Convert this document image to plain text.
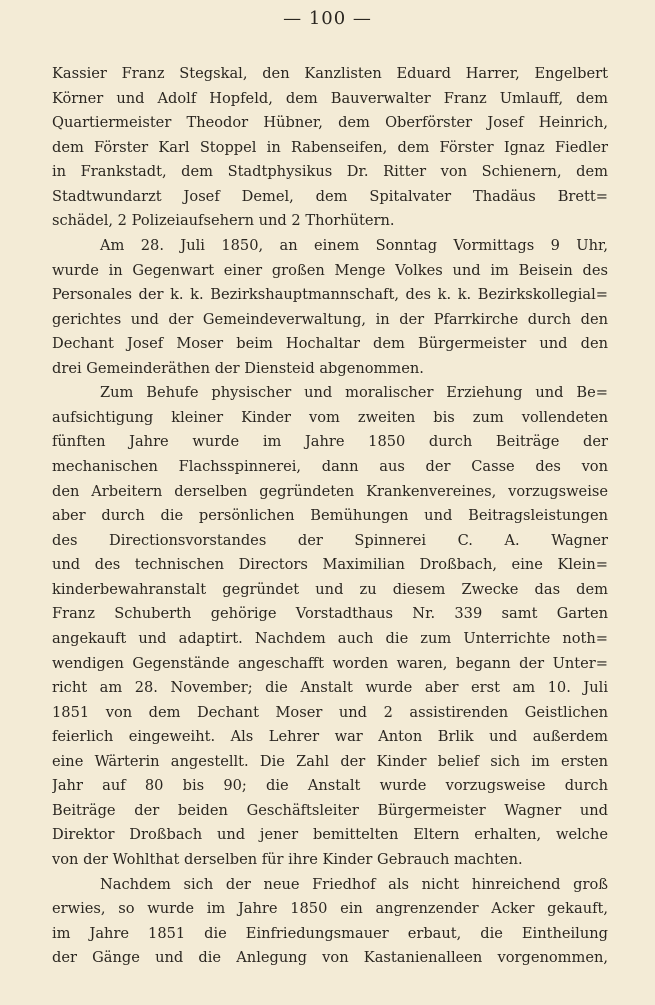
— 100 —
Kassier Franz Stegskal, den Kanzlisten Eduard Harrer, Engelbert
Körner und Adolf Hopfeld, dem Bauverwalter Franz Umlauff, dem
Quartiermeister Theodor Hübner, dem Oberförster Josef Heinrich,
dem Förster Karl Stoppel in Rabenseifen, dem Förster Ignaz Fiedler
in Frankstadt, dem Stadtphysikus Dr. Ritter von Schienern, dem
Stadtwundarzt Josef Demel, dem Spitalvater Thadäus Brett=
schädel, 2 Polizeiaufsehern und 2 Thorhütern.
Am 28. Juli 1850, an einem Sonntag Vormittags 9 Uhr,
wurde in Gegenwart einer großen Menge Volkes und im Beisein des
Personales der k. k. Bezirkshauptmannschaft, des k. k. Bezirkskollegial=
gerichtes und der Gemeindeverwaltung, in der Pfarrkirche durch den
Dechant Josef Moser beim Hochaltar dem Bürgermeister und den
drei Gemeinderäthen der Diensteid abgenommen.
Zum Behufe physischer und moralischer Erziehung und Be=
aufsichtigung kleiner Kinder vom zweiten bis zum vollendeten
fünften Jahre wurde im Jahre 1850 durch Beiträge der
mechanischen Flachsspinnerei, dann aus der Casse des von
den Arbeitern derselben gegründeten Krankenvereines, vorzugsweise
aber durch die persönlichen Bemühungen und Beitragsleistungen
des Directionsvorstandes der Spinnerei C. A. Wagner
und des technischen Directors Maximilian Droßbach, eine Klein=
kinderbewahranstalt gegründet und zu diesem Zwecke das dem
Franz Schuberth gehörige Vorstadthaus Nr. 339 samt Garten
angekauft und adaptirt. Nachdem auch die zum Unterrichte noth=
wendigen Gegenstände angeschafft worden waren, begann der Unter=
richt am 28. November; die Anstalt wurde aber erst am 10. Juli
1851 von dem Dechant Moser und 2 assistirenden Geistlichen
feierlich eingeweiht. Als Lehrer war Anton Brlik und außerdem
eine Wärterin angestellt. Die Zahl der Kinder belief sich im ersten
Jahr auf 80 bis 90; die Anstalt wurde vorzugsweise durch
Beiträge der beiden Geschäftsleiter Bürgermeister Wagner und
Direktor Droßbach und jener bemittelten Eltern erhalten, welche
von der Wohlthat derselben für ihre Kinder Gebrauch machten.
Nachdem sich der neue Friedhof als nicht hinreichend groß
erwies, so wurde im Jahre 1850 ein angrenzender Acker gekauft,
im Jahre 1851 die Einfriedungsmauer erbaut, die Eintheilung
der Gänge und die Anlegung von Kastanienalleen vorgenommen,
